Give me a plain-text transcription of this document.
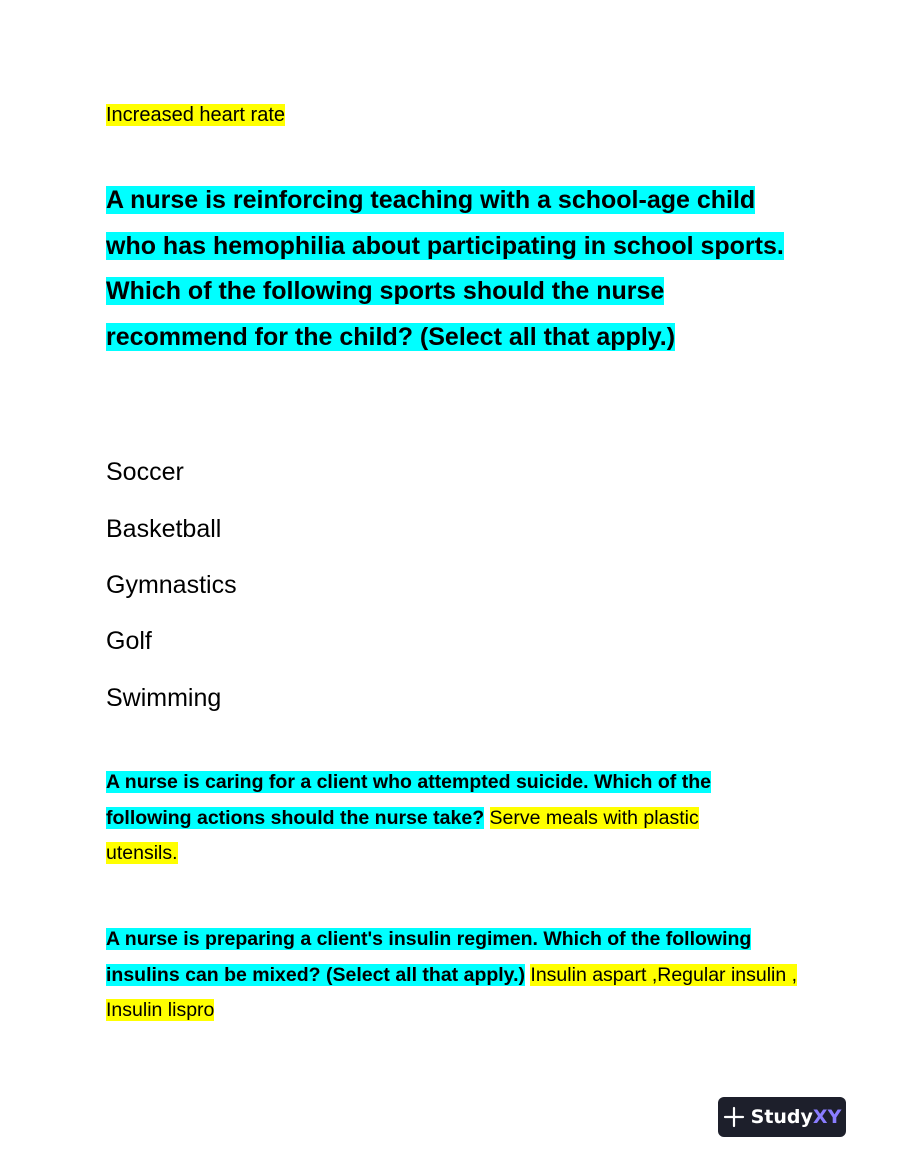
Increased heart rate

A nurse is reinforcing teaching with a school-age child who has hemophilia about participating in school sports. Which of the following sports should the nurse recommend for the child? (Select all that apply.)

Soccer

Basketball

Gymnastics

Golf

Swimming

A nurse is caring for a client who attempted suicide. Which of the following actions should the nurse take? Serve meals with plastic utensils.

A nurse is preparing a client's insulin regimen. Which of the following insulins can be mixed? (Select all that apply.) Insulin aspart ,Regular insulin , Insulin lispro

StudyXY
